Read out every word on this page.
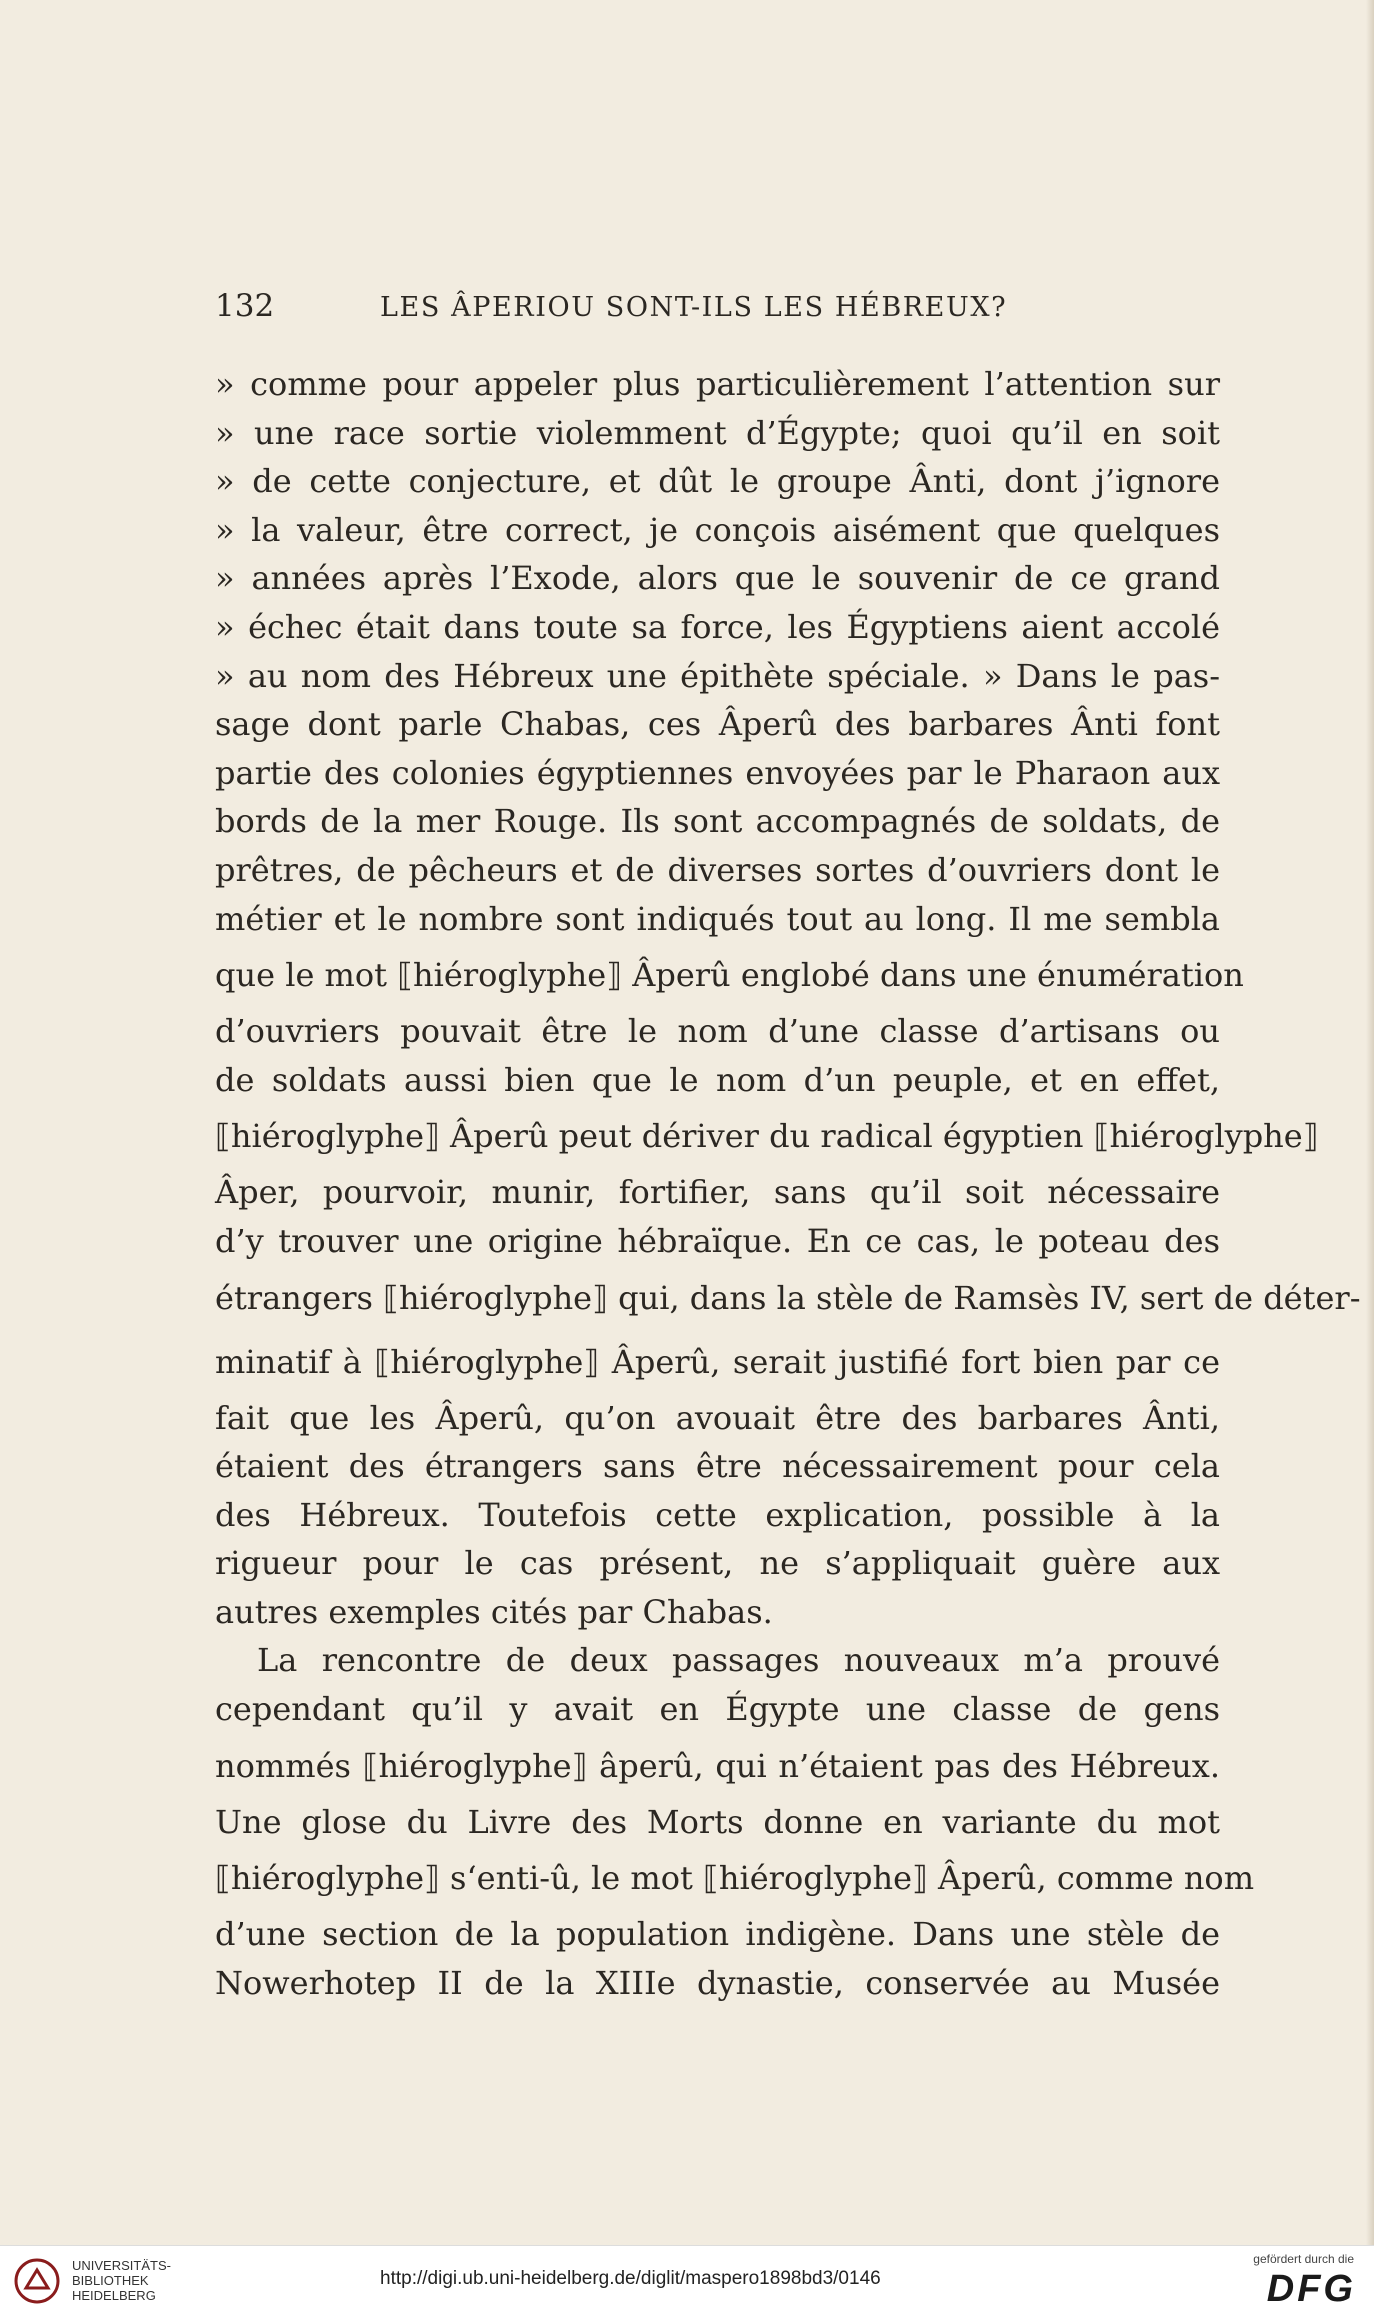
132	LES ÂPERIOU SONT-ILS LES HÉBREUX?
» comme pour appeler plus particulièrement l’attention sur
» une race sortie violemment d’Égypte; quoi qu’il en soit
» de cette conjecture, et dût le groupe Ânti, dont j’ignore
» la valeur, être correct, je conçois aisément que quelques
» années après l’Exode, alors que le souvenir de ce grand
» échec était dans toute sa force, les Égyptiens aient accolé
» au nom des Hébreux une épithète spéciale. » Dans le pas-
sage dont parle Chabas, ces Âperû des barbares Ânti font
partie des colonies égyptiennes envoyées par le Pharaon aux
bords de la mer Rouge. Ils sont accompagnés de soldats, de
prêtres, de pêcheurs et de diverses sortes d’ouvriers dont le
métier et le nombre sont indiqués tout au long. Il me sembla
que le mot ⟦hiéroglyphe⟧ Âperû englobé dans une énumération
d’ouvriers pouvait être le nom d’une classe d’artisans ou
de soldats aussi bien que le nom d’un peuple, et en effet,
⟦hiéroglyphe⟧ Âperû peut dériver du radical égyptien ⟦hiéroglyphe⟧
Âper, pourvoir, munir, fortifier, sans qu’il soit nécessaire
d’y trouver une origine hébraïque. En ce cas, le poteau des
étrangers ⟦hiéroglyphe⟧ qui, dans la stèle de Ramsès IV, sert de déter-
minatif à ⟦hiéroglyphe⟧ Âperû, serait justifié fort bien par ce
fait que les Âperû, qu’on avouait être des barbares Ânti,
étaient des étrangers sans être nécessairement pour cela
des Hébreux. Toutefois cette explication, possible à la
rigueur pour le cas présent, ne s’appliquait guère aux
autres exemples cités par Chabas.
La rencontre de deux passages nouveaux m’a prouvé
cependant qu’il y avait en Égypte une classe de gens
nommés ⟦hiéroglyphe⟧ âperû, qui n’étaient pas des Hébreux.
Une glose du Livre des Morts donne en variante du mot
⟦hiéroglyphe⟧ s‘enti-û, le mot ⟦hiéroglyphe⟧ Âperû, comme nom
d’une section de la population indigène. Dans une stèle de
Nowerhotep II de la XIIIe dynastie, conservée au Musée
UNIVERSITÄTS-
BIBLIOTHEK
HEIDELBERG
http://digi.ub.uni-heidelberg.de/diglit/maspero1898bd3/0146
gefördert durch die
DFG
